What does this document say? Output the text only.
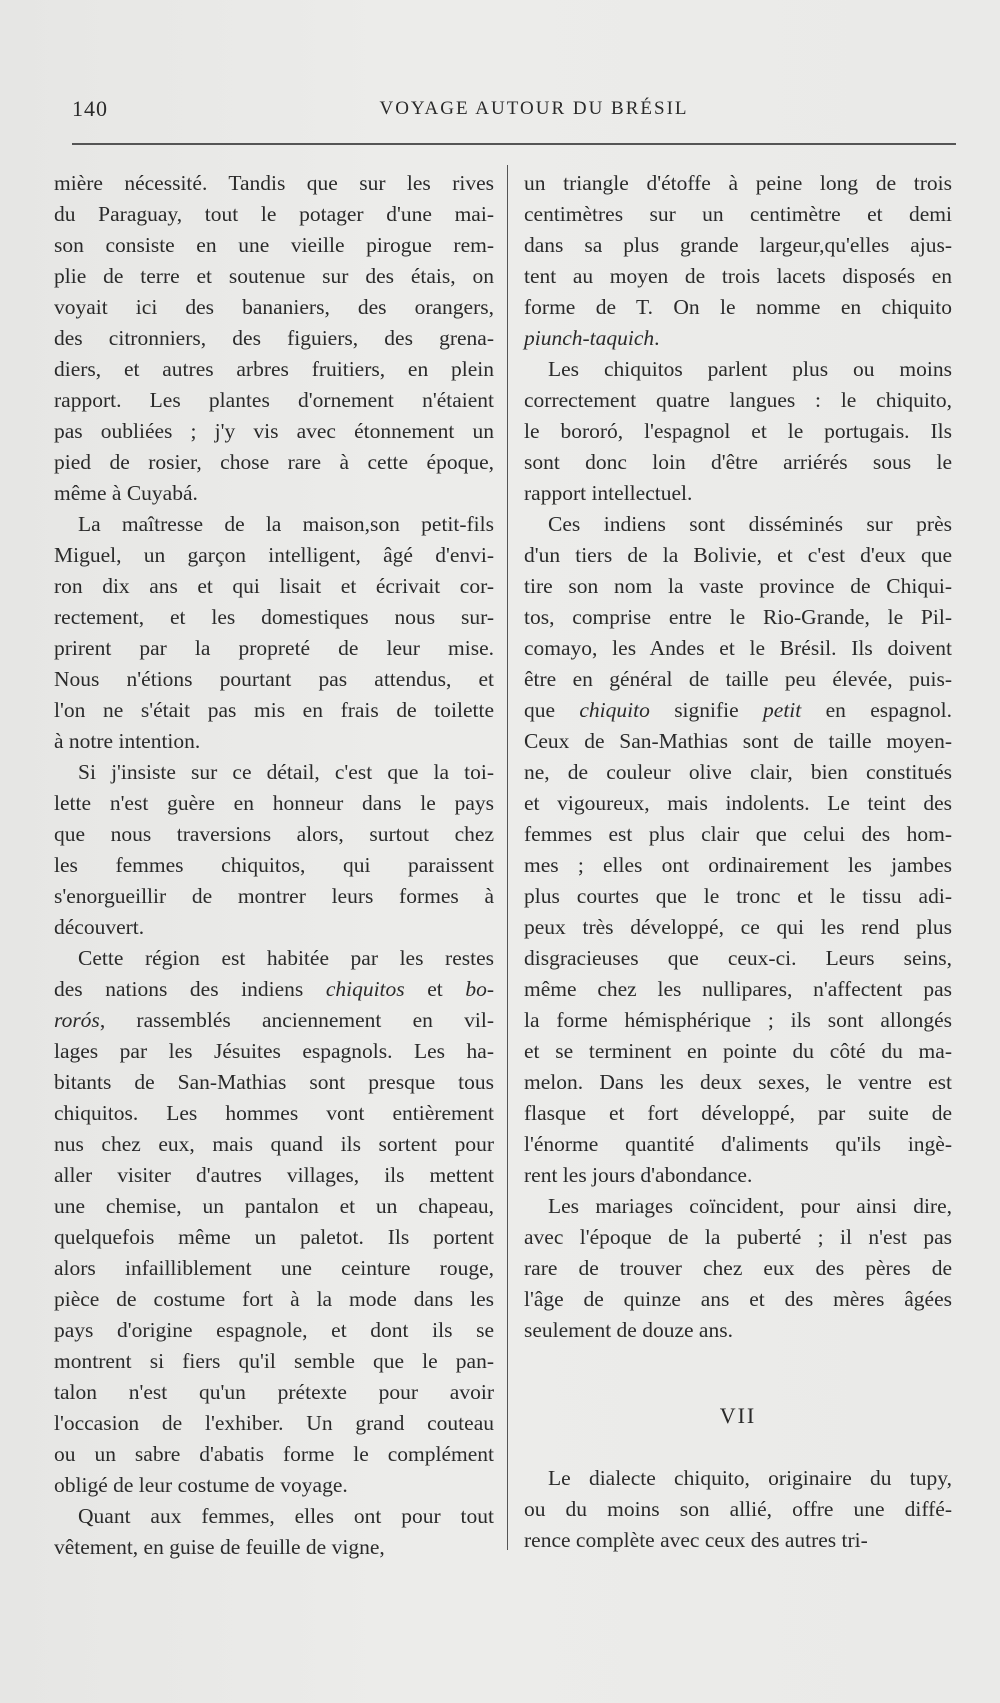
140	VOYAGE AUTOUR DU BRÉSIL

mière nécessité. Tandis que sur les rives
du Paraguay, tout le potager d'une mai-
son consiste en une vieille pirogue rem-
plie de terre et soutenue sur des étais, on
voyait ici des bananiers, des orangers,
des citronniers, des figuiers, des grena-
diers, et autres arbres fruitiers, en plein
rapport. Les plantes d'ornement n'étaient
pas oubliées ; j'y vis avec étonnement un
pied de rosier, chose rare à cette époque,
même à Cuyabá.

La maîtresse de la maison,son petit-fils
Miguel, un garçon intelligent, âgé d'envi-
ron dix ans et qui lisait et écrivait cor-
rectement, et les domestiques nous sur-
prirent par la propreté de leur mise.
Nous n'étions pourtant pas attendus, et
l'on ne s'était pas mis en frais de toilette
à notre intention.

Si j'insiste sur ce détail, c'est que la toi-
lette n'est guère en honneur dans le pays
que nous traversions alors, surtout chez
les femmes chiquitos, qui paraissent
s'enorgueillir de montrer leurs formes à
découvert.

Cette région est habitée par les restes
des nations des indiens chiquitos et bo-
rorós, rassemblés anciennement en vil-
lages par les Jésuites espagnols. Les ha-
bitants de San-Mathias sont presque tous
chiquitos. Les hommes vont entièrement
nus chez eux, mais quand ils sortent pour
aller visiter d'autres villages, ils mettent
une chemise, un pantalon et un chapeau,
quelquefois même un paletot. Ils portent
alors infailliblement une ceinture rouge,
pièce de costume fort à la mode dans les
pays d'origine espagnole, et dont ils se
montrent si fiers qu'il semble que le pan-
talon n'est qu'un prétexte pour avoir
l'occasion de l'exhiber. Un grand couteau
ou un sabre d'abatis forme le complément
obligé de leur costume de voyage.

Quant aux femmes, elles ont pour tout
vêtement, en guise de feuille de vigne,

un triangle d'étoffe à peine long de trois
centimètres sur un centimètre et demi
dans sa plus grande largeur,qu'elles ajus-
tent au moyen de trois lacets disposés en
forme de T. On le nomme en chiquito
piunch-taquich.

Les chiquitos parlent plus ou moins
correctement quatre langues : le chiquito,
le bororó, l'espagnol et le portugais. Ils
sont donc loin d'être arriérés sous le
rapport intellectuel.

Ces indiens sont disséminés sur près
d'un tiers de la Bolivie, et c'est d'eux que
tire son nom la vaste province de Chiqui-
tos, comprise entre le Rio-Grande, le Pil-
comayo, les Andes et le Brésil. Ils doivent
être en général de taille peu élevée, puis-
que chiquito signifie petit en espagnol.
Ceux de San-Mathias sont de taille moyen-
ne, de couleur olive clair, bien constitués
et vigoureux, mais indolents. Le teint des
femmes est plus clair que celui des hom-
mes ; elles ont ordinairement les jambes
plus courtes que le tronc et le tissu adi-
peux très développé, ce qui les rend plus
disgracieuses que ceux-ci. Leurs seins,
même chez les nullipares, n'affectent pas
la forme hémisphérique ; ils sont allongés
et se terminent en pointe du côté du ma-
melon. Dans les deux sexes, le ventre est
flasque et fort développé, par suite de
l'énorme quantité d'aliments qu'ils ingè-
rent les jours d'abondance.

Les mariages coïncident, pour ainsi dire,
avec l'époque de la puberté ; il n'est pas
rare de trouver chez eux des pères de
l'âge de quinze ans et des mères âgées
seulement de douze ans.

VII

Le dialecte chiquito, originaire du tupy,
ou du moins son allié, offre une diffé-
rence complète avec ceux des autres tri-
